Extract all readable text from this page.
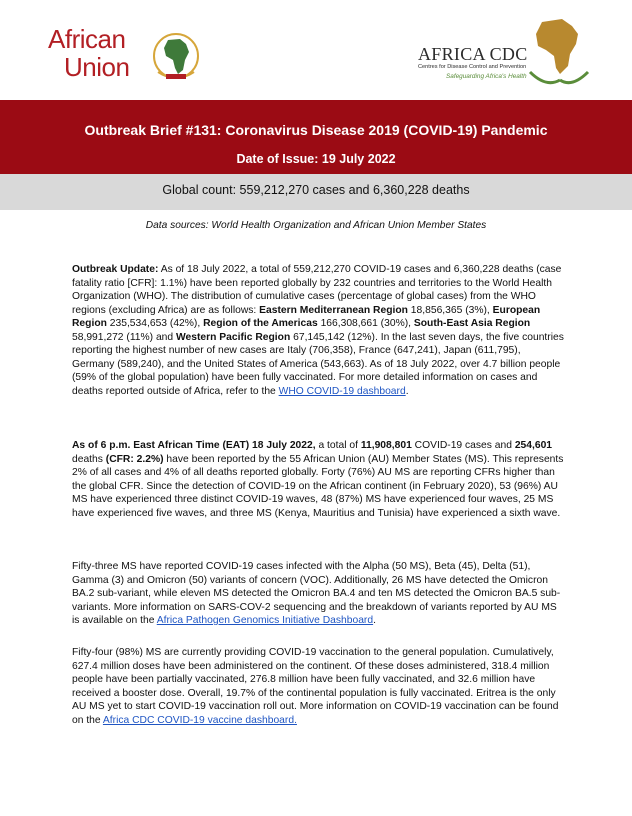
African
Union	AFRICA CDC
Centres for Disease Control and Prevention
Safeguarding Africa's Health
Outbreak Brief #131: Coronavirus Disease 2019 (COVID-19) Pandemic
Date of Issue: 19 July 2022
Global count: 559,212,270 cases and 6,360,228 deaths
Data sources: World Health Organization and African Union Member States
Outbreak Update: As of 18 July 2022, a total of 559,212,270 COVID-19 cases and 6,360,228 deaths (case fatality ratio [CFR]: 1.1%) have been reported globally by 232 countries and territories to the World Health Organization (WHO). The distribution of cumulative cases (percentage of global cases) from the WHO regions (excluding Africa) are as follows: Eastern Mediterranean Region 18,856,365 (3%), European Region 235,534,653 (42%), Region of the Americas 166,308,661 (30%), South-East Asia Region 58,991,272 (11%) and Western Pacific Region 67,145,142 (12%). In the last seven days, the five countries reporting the highest number of new cases are Italy (706,358), France (647,241), Japan (611,795), Germany (589,240), and the United States of America (543,663). As of 18 July 2022, over 4.7 billion people (59% of the global population) have been fully vaccinated. For more detailed information on cases and deaths reported outside of Africa, refer to the WHO COVID-19 dashboard.
As of 6 p.m. East African Time (EAT) 18 July 2022, a total of 11,908,801 COVID-19 cases and 254,601 deaths (CFR: 2.2%) have been reported by the 55 African Union (AU) Member States (MS). This represents 2% of all cases and 4% of all deaths reported globally. Forty (76%) AU MS are reporting CFRs higher than the global CFR. Since the detection of COVID-19 on the African continent (in February 2020), 53 (96%) AU MS have experienced three distinct COVID-19 waves, 48 (87%) MS have experienced four waves, 25 MS have experienced five waves, and three MS (Kenya, Mauritius and Tunisia) have experienced a sixth wave.
Fifty-three MS have reported COVID-19 cases infected with the Alpha (50 MS), Beta (45), Delta (51), Gamma (3) and Omicron (50) variants of concern (VOC). Additionally, 26 MS have detected the Omicron BA.2 sub-variant, while eleven MS detected the Omicron BA.4 and ten MS detected the Omicron BA.5 sub-variants. More information on SARS-COV-2 sequencing and the breakdown of variants reported by AU MS is available on the Africa Pathogen Genomics Initiative Dashboard.
Fifty-four (98%) MS are currently providing COVID-19 vaccination to the general population. Cumulatively, 627.4 million doses have been administered on the continent. Of these doses administered, 318.4 million people have been partially vaccinated, 276.8 million have been fully vaccinated, and 32.6 million have received a booster dose. Overall, 19.7% of the continental population is fully vaccinated. Eritrea is the only AU MS yet to start COVID-19 vaccination roll out. More information on COVID-19 vaccination can be found on the Africa CDC COVID-19 vaccine dashboard.
